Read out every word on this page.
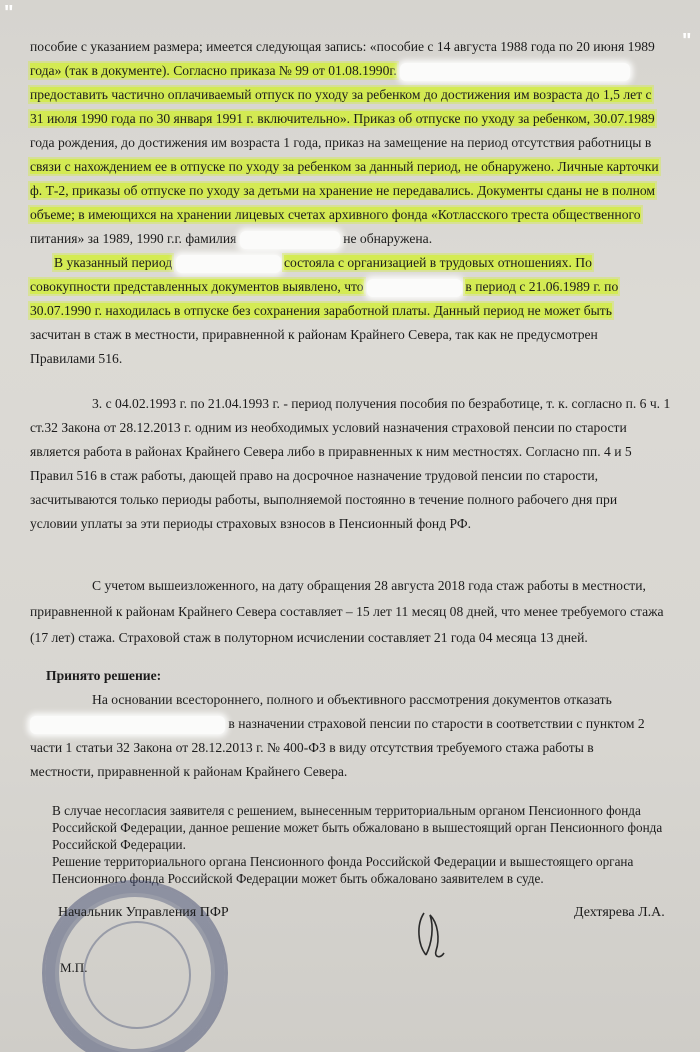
"
"
пособие с указанием размера; имеется следующая запись: «пособие с 14 августа 1988 года по 20 июня 1989
года» (так в документе). Согласно приказа № 99 от 01.08.1990г.
предоставить частично оплачиваемый отпуск по уходу за ребенком до достижения им возраста до 1,5 лет с
31 июля 1990 года по 30 января 1991 г. включительно». Приказ об отпуске по уходу за ребенком, 30.07.1989
года рождения, до достижения им возраста 1 года, приказ на замещение на период отсутствия работницы в
связи с нахождением ее в отпуске по уходу за ребенком за данный период, не обнаружено. Личные карточки
ф. Т-2, приказы об отпуске по уходу за детьми на хранение не передавались. Документы сданы не в полном
объеме; в имеющихся на хранении лицевых счетах архивного фонда «Котласского треста общественного
питания» за 1989, 1990 г.г. фамилия	не обнаружена.
В указанный период	состояла с организацией в трудовых отношениях. По
совокупности представленных документов выявлено, что	в период с 21.06.1989 г. по
30.07.1990 г. находилась в отпуске без сохранения заработной платы. Данный период не может быть
засчитан в стаж в местности, приравненной к районам Крайнего Севера, так как не предусмотрен
Правилами 516.
3. с 04.02.1993 г. по 21.04.1993 г. - период получения пособия по безработице, т. к. согласно п. 6 ч. 1
ст.32 Закона от 28.12.2013 г. одним из необходимых условий назначения страховой пенсии по старости
является работа в районах Крайнего Севера либо в приравненных к ним местностях. Согласно пп. 4 и 5
Правил 516 в стаж работы, дающей право на досрочное назначение трудовой пенсии по старости,
засчитываются только периоды работы, выполняемой постоянно в течение полного рабочего дня при
условии уплаты за эти периоды страховых взносов в Пенсионный фонд РФ.
С учетом вышеизложенного, на дату обращения 28 августа 2018 года стаж работы в местности,
приравненной к районам Крайнего Севера составляет – 15 лет 11 месяц 08 дней, что менее требуемого стажа
(17 лет) стажа. Страховой стаж в полуторном исчислении составляет 21 года 04 месяца 13 дней.
Принято решение:
На основании всестороннего, полного и объективного рассмотрения документов отказать
в назначении страховой пенсии по старости в соответствии с пунктом 2
части 1 статьи 32 Закона от 28.12.2013 г. № 400-ФЗ в виду отсутствия требуемого стажа работы в
местности, приравненной к районам Крайнего Севера.
В случае несогласия заявителя с решением, вынесенным территориальным органом Пенсионного фонда
Российской Федерации, данное решение может быть обжаловано в вышестоящий орган Пенсионного фонда
Российской Федерации.
Решение территориального органа Пенсионного фонда Российской Федерации и вышестоящего органа
Пенсионного фонда Российской Федерации может быть обжаловано заявителем в суде.
Начальник Управления ПФР	Дехтярева Л.А.
М.П.
